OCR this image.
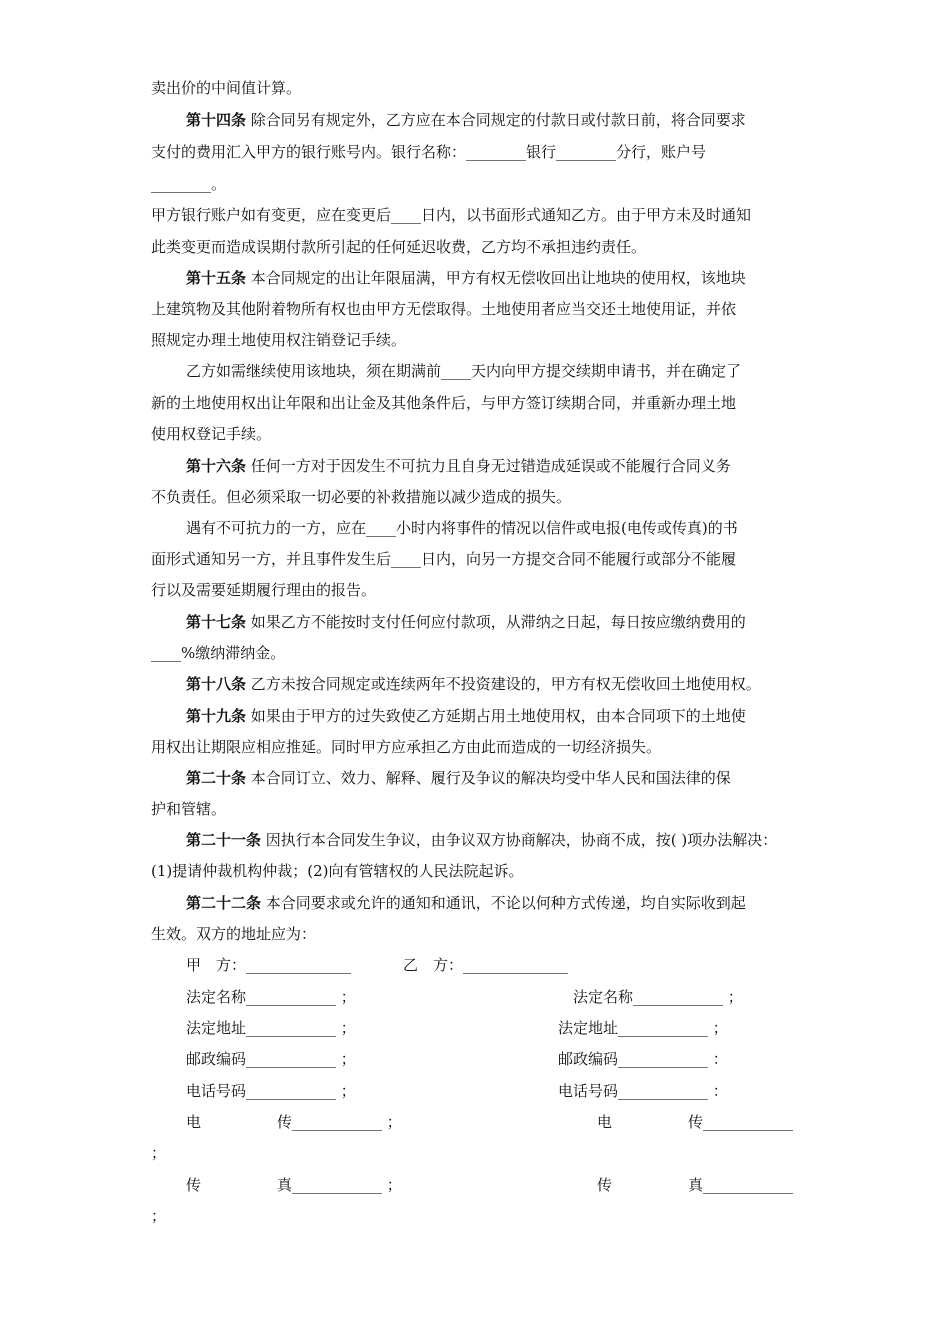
卖出价的中间值计算。
第十四条 除合同另有规定外，乙方应在本合同规定的付款日或付款日前，将合同要求
支付的费用汇入甲方的银行账号内。银行名称：________银行________分行，账户号
________。
甲方银行账户如有变更，应在变更后____日内，以书面形式通知乙方。由于甲方未及时通知
此类变更而造成误期付款所引起的任何延迟收费，乙方均不承担违约责任。
第十五条 本合同规定的出让年限届满，甲方有权无偿收回出让地块的使用权，该地块
上建筑物及其他附着物所有权也由甲方无偿取得。土地使用者应当交还土地使用证，并依
照规定办理土地使用权注销登记手续。
乙方如需继续使用该地块，须在期满前____天内向甲方提交续期申请书，并在确定了
新的土地使用权出让年限和出让金及其他条件后，与甲方签订续期合同，并重新办理土地
使用权登记手续。
第十六条 任何一方对于因发生不可抗力且自身无过错造成延误或不能履行合同义务
不负责任。但必须采取一切必要的补救措施以减少造成的损失。
遇有不可抗力的一方，应在____小时内将事件的情况以信件或电报(电传或传真)的书
面形式通知另一方，并且事件发生后____日内，向另一方提交合同不能履行或部分不能履
行以及需要延期履行理由的报告。
第十七条 如果乙方不能按时支付任何应付款项，从滞纳之日起，每日按应缴纳费用的
____%缴纳滞纳金。
第十八条 乙方未按合同规定或连续两年不投资建设的，甲方有权无偿收回土地使用权。
第十九条 如果由于甲方的过失致使乙方延期占用土地使用权，由本合同项下的土地使
用权出让期限应相应推延。同时甲方应承担乙方由此而造成的一切经济损失。
第二十条 本合同订立、效力、解释、履行及争议的解决均受中华人民和国法律的保
护和管辖。
第二十一条 因执行本合同发生争议，由争议双方协商解决，协商不成，按( )项办法解决：
(1)提请仲裁机构仲裁；(2)向有管辖权的人民法院起诉。
第二十二条 本合同要求或允许的通知和通讯，不论以何种方式传递，均自实际收到起
生效。双方的地址应为：
甲　方：______________	乙　方：______________
法定名称____________ ；	法定名称____________ ；
法定地址____________ ；	法定地址____________ ；
邮政编码____________ ；	邮政编码____________ ：
电话号码____________ ；	电话号码____________ ：
电	传____________ ；	电	传____________
；
传	真____________ ；	传	真____________
；
